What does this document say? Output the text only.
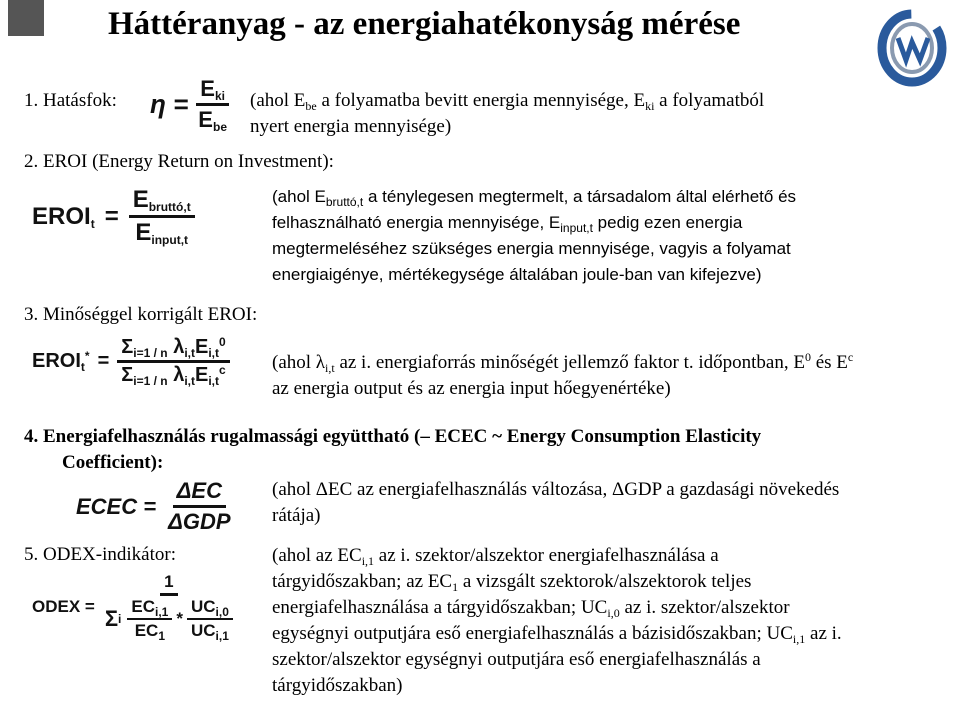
Háttéranyag - az energiahatékonyság mérése
1. Hatásfok: $\eta = \frac{E_{ki}}{E_{be}}$ (ahol $E_{be}$ a folyamatba bevitt energia mennyisége, $E_{ki}$ a folyamatból
nyert energia mennyisége)
2. EROI (Energy Return on Investment):
$EROI_t = \frac{E_{bruttó,t}}{E_{input,t}}$	(ahol $E_{bruttó,t}$ a ténylegesen megtermelt, a társadalom által elérhető és
felhasználható energia mennyisége, $E_{input,t}$ pedig ezen energia
megtermeléséhez szükséges energia mennyisége, vagyis a folyamat
energiaigénye, mértékegysége általában joule-ban van kifejezve)
3. Minőséggel korrigált EROI:
$EROI_t^* = \frac{\Sigma_{i=1 / n} \lambda_{i,t}E_{i,t}^0}{\Sigma_{i=1 / n} \lambda_{i,t}E_{i,t}^c}$ (ahol $\lambda_{i,t}$ az i. energiaforrás minőségét jellemző faktor t. időpontban, $E^0$ és $E^c$
az energia output és az energia input hőegyenértéke)
4. Energiafelhasználás rugalmassági együttható (– ECEC ~ Energy Consumption Elasticity
Coefficient):
ECEC = $\frac{\text{ΔEC}}{\text{ΔGDP}}$ (ahol ΔEC az energiafelhasználás változása, ΔGDP a gazdasági növekedés
rátája)
5. ODEX-indikátor:
ODEX =
1
Σ i $\frac{EC_{i,1}}{EC_1} * \frac{UC_{i,0}}{UC_{i,1}}$
(ahol az $EC_{i,1}$ az i. szektor/alszektor energiafelhasználása a
tárgyidőszakban; az $EC_1$ a vizsgált szektorok/alszektorok teljes
energiafelhasználása a tárgyidőszakban; $UC_{i,0}$ az i. szektor/alszektor
egységnyi outputjára eső energiafelhasználás a bázisidőszakban; $UC_{i,1}$ az i.
szektor/alszektor egységnyi outputjára eső energiafelhasználás a
tárgyidőszakban)
